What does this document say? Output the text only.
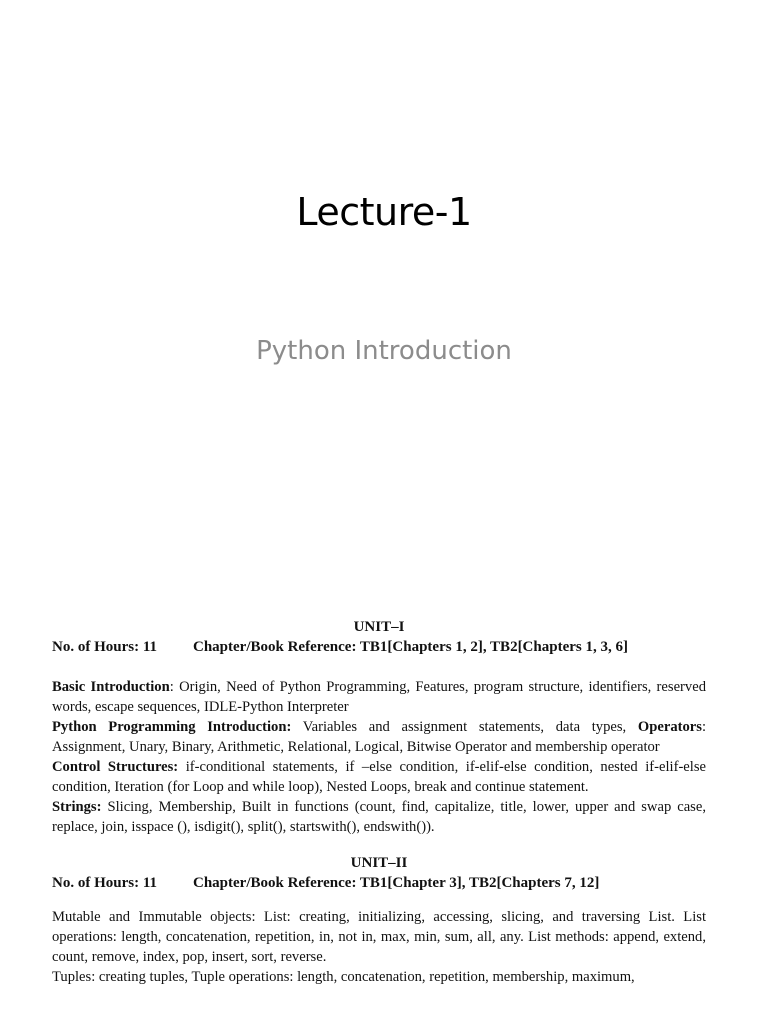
Lecture-1
Python Introduction

UNIT–I

No. of Hours: 11	Chapter/Book Reference: TB1[Chapters 1, 2], TB2[Chapters 1, 3, 6]

Basic Introduction: Origin, Need of Python Programming, Features, program structure, identifiers, reserved words, escape sequences, IDLE-Python Interpreter

Python Programming Introduction: Variables and assignment statements, data types, Operators: Assignment, Unary, Binary, Arithmetic, Relational, Logical, Bitwise Operator and membership operator

Control Structures: if-conditional statements, if –else condition, if-elif-else condition, nested if-elif-else condition, Iteration (for Loop and while loop), Nested Loops, break and continue statement.

Strings: Slicing, Membership, Built in functions (count, find, capitalize, title, lower, upper and swap case, replace, join, isspace (), isdigit(), split(), startswith(), endswith()).

UNIT–II

No. of Hours: 11	Chapter/Book Reference: TB1[Chapter 3], TB2[Chapters 7, 12]

Mutable and Immutable objects: List: creating, initializing, accessing, slicing, and traversing List. List operations: length, concatenation, repetition, in, not in, max, min, sum, all, any. List methods: append, extend, count, remove, index, pop, insert, sort, reverse.

Tuples: creating tuples, Tuple operations: length, concatenation, repetition, membership, maximum,
